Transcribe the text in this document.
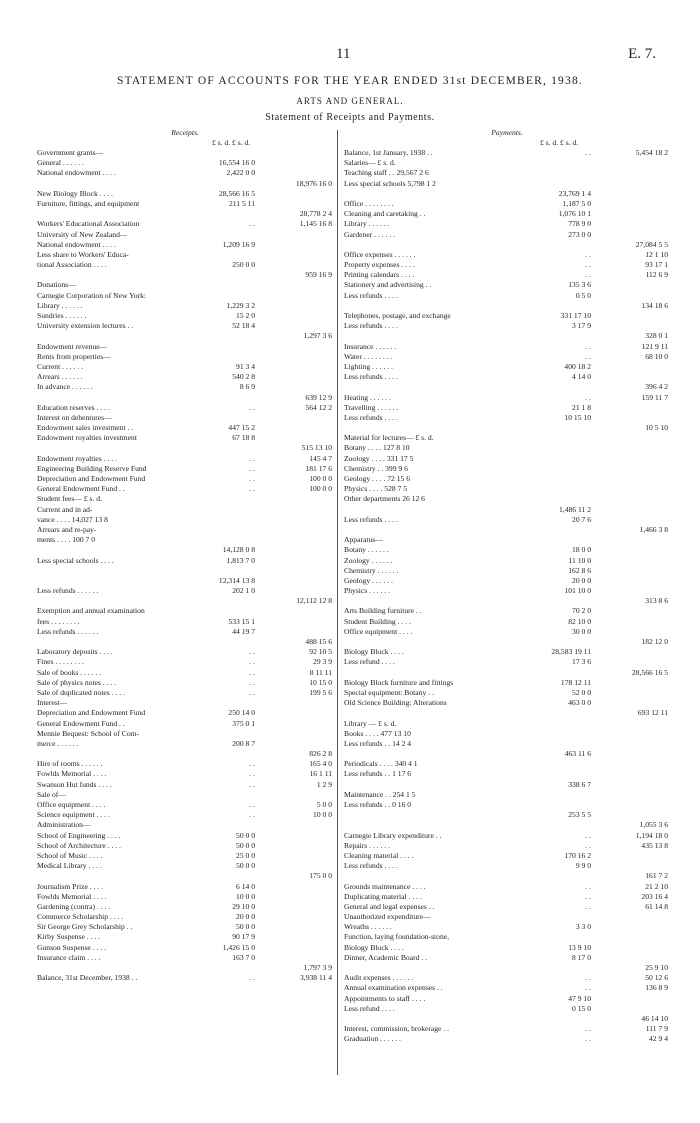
11	E. 7.
STATEMENT OF ACCOUNTS FOR THE YEAR ENDED 31st DECEMBER, 1938.
ARTS AND GENERAL.
Statement of Receipts and Payments.
Receipts.
£ s. d. £ s. d.
Government grants—
General . . . . . .	16,554 16 0
National endowment . . . .	2,422 0 0
18,976 16 0
New Biology Block . . . .	28,566 16 5
Furniture, fittings, and equipment	211 5 11
28,778 2 4
Workers' Educational Association	. .	1,145 16 8
University of New Zealand—
National endowment . . . .	1,209 16 9
Less share to Workers' Educa-
tional Association . . . .	250 0 0
959 16 9
Donations—
Carnegie Corporation of New York:
Library . . . . . .	1,229 3 2
Sundries . . . . . .	15 2 0
University extension lectures . .	52 18 4
1,297 3 6
Endowment revenue—
Rents from properties—
Current . . . . . .	91 3 4
Arrears . . . . . .	540 2 8
In advance . . . . . .	8 6 9
639 12 9
Education reserves . . . .	. .	564 12 2
Interest on debentures—
Endowment sales investment . .	447 15 2
Endowment royalties investment	67 18 8
515 13 10
Endowment royalties . . . .	. .	145 4 7
Engineering Building Reserve Fund	. .	181 17 6
Depreciation and Endowment Fund	. .	100 0 0
General Endowment Fund . .	. .	100 0 0
Student fees— £ s. d.
Current and in ad-
vance . . . . 14,027 13 8
Arrears and re-pay-
ments . . . . 100 7 0
14,128 0 8
Less special schools . . . .	1,813 7 0
12,314 13 8
Less refunds . . . . . .	202 1 0
12,112 12 8
Exemption and annual examination
fees . . . . . . . .	533 15 1
Less refunds . . . . . .	44 19 7
488 15 6
Laboratory deposits . . . .	. .	92 10 5
Fines . . . . . . . .	. .	29 3 9
Sale of books . . . . . .	. .	8 11 11
Sale of physics notes . . . .	. .	10 15 0
Sale of duplicated notes . . . .	. .	199 5 6
Interest—
Depreciation and Endowment Fund	250 14 0
General Endowment Fund . .	375 0 1
Mennie Bequest: School of Com-
merce . . . . . .	200 8 7
826 2 8
Hire of rooms . . . . . .	. .	165 4 0
Fowlds Memorial . . . .	. .	16 1 11
Swanson Hut funds . . . .	. .	1 2 9
Sale of—
Office equipment . . . .	. .	5 0 0
Science equipment . . . .	. .	10 0 0
Administration—
School of Engineering . . . .	50 0 0
School of Architecture . . . .	50 0 0
School of Music . . . .	25 0 0
Medical Library . . . .	50 0 0
175 0 0
Journalism Prize . . . .	6 14 0
Fowlds Memorial . . . .	10 0 0
Gardening (contra) . . . .	29 10 0
Commerce Scholarship . . . .	20 0 0
Sir George Grey Scholarship . .	50 0 0
Kirby Suspense . . . .	90 17 9
Gunson Suspense . . . .	1,426 15 0
Insurance claim . . . .	163 7 0
1,797 3 9
Balance, 31st December, 1938 . .	. .	3,938 11 4
Payments.
£ s. d. £ s. d.
Balance, 1st January, 1938 . .	. .	5,454 18 2
Salaries— £ s. d.
Teaching staff . . 29,567 2 6
Less special schools 5,798 1 2
23,769 1 4
Office . . . . . . . .	1,187 5 0
Cleaning and caretaking . .	1,076 10 1
Library . . . . . .	778 9 0
Gardener . . . . . .	273 0 0
27,084 5 5
Office expenses . . . . . .	. .	12 1 10
Property expenses . . . .	. .	93 17 1
Printing calendars . . . .	. .	112 6 9
Stationery and advertising . .	135 3 6
Less refunds . . . .	0 5 0
134 18 6
Telephones, postage, and exchange	331 17 10
Less refunds . . . .	3 17 9
328 0 1
Insurance . . . . . .	. .	121 9 11
Water . . . . . . . .	. .	68 10 0
Lighting . . . . . .	400 18 2
Less refunds . . . .	4 14 0
396 4 2
Heating . . . . . .	. .	159 11 7
Travelling . . . . . .	21 1 8
Less refunds . . . .	10 15 10
10 5 10
Material for lectures— £ s. d.
Botany . . . . 127 8 10
Zoology . . . . 331 17 5
Chemistry . . 399 9 6
Geology . . . . 72 15 6
Physics . . . . 528 7 5
Other departments 26 12 6
1,486 11 2
Less refunds . . . .	20 7 6
1,466 3 8
Apparatus—
Botany . . . . . .	18 0 0
Zoology . . . . . .	11 10 0
Chemistry . . . . . .	162 8 6
Geology . . . . . .	20 0 0
Physics . . . . . .	101 10 0
313 8 6
Arts Building furniture . .	70 2 0
Student Building . . . .	82 10 0
Office equipment . . . .	30 0 0
182 12 0
Biology Block . . . .	28,583 19 11
Less refund . . . .	17 3 6
28,566 16 5
Biology Block furniture and fittings	178 12 11
Special equipment: Botany . .	52 0 0
Old Science Building: Alterations	463 0 0
693 12 11
Library — £ s. d.
Books . . . . 477 13 10
Less refunds . . 14 2 4
463 11 6
Periodicals . . . . 340 4 1
Less refunds . . 1 17 6
338 6 7
Maintenance . . 254 1 5
Less refunds . . 0 16 0
253 5 5
1,055 3 6
Carnegie Library expenditure . .	. .	1,194 18 0
Repairs . . . . . .	. .	435 13 8
Cleaning material . . . .	170 16 2
Less refunds . . . .	9 9 0
161 7 2
Grounds maintenance . . . .	. .	21 2 10
Duplicating material . . . .	. .	203 16 4
General and legal expenses . .	. .	61 14 8
Unauthorized expenditure—
Wreaths . . . . . .	3 3 0
Function, laying foundation-stone,
Biology Block . . . .	13 9 10
Dinner, Academic Board . .	8 17 0
25 9 10
Audit expenses . . . . . .	. .	50 12 6
Annual examination expenses . .	. .	136 8 9
Appointments to staff . . . .	47 9 10
Less refund . . . .	0 15 0
46 14 10
Interest, commission, brokerage . .	. .	111 7 9
Graduation . . . . . .	. .	42 9 4
